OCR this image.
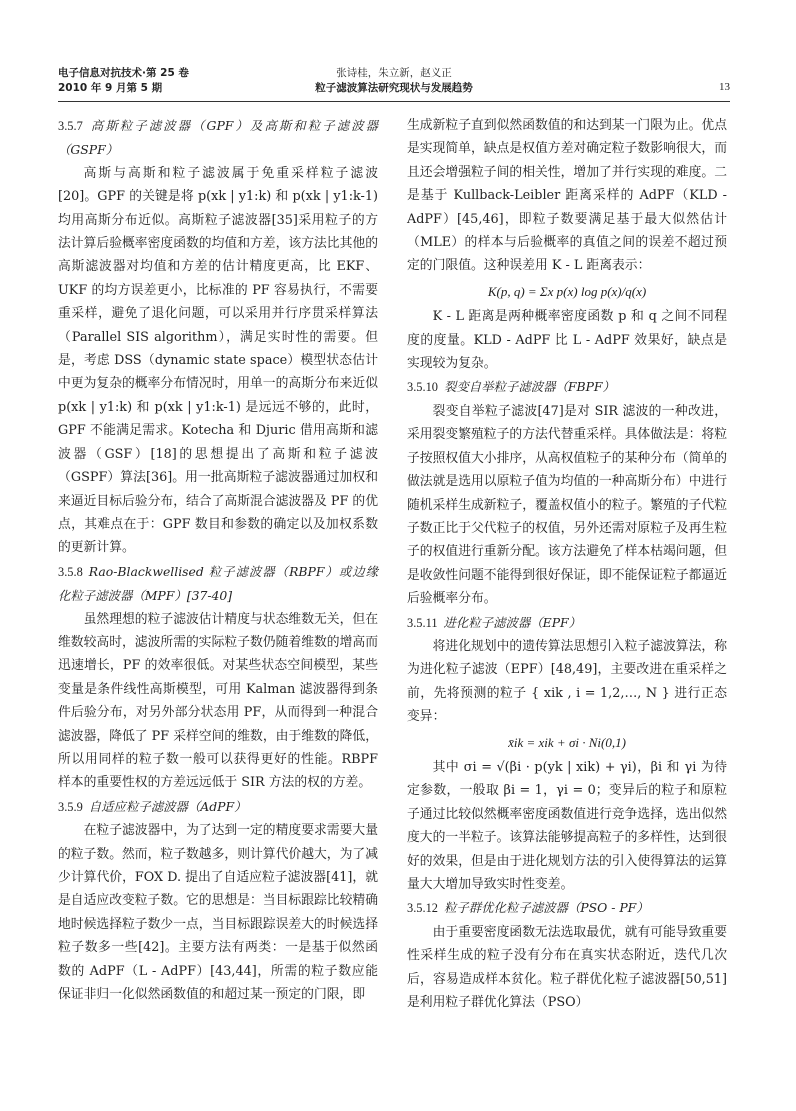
电子信息对抗技术·第 25 卷
2010 年 9 月第 5 期
张诗桂，朱立新，赵义正
粒子滤波算法研究现状与发展趋势	13
3.5.7 高斯粒子滤波器（GPF）及高斯和粒子滤波器（GSPF）

高斯与高斯和粒子滤波属于免重采样粒子滤波[20]。GPF 的关键是将 p(xk | y1:k) 和 p(xk | y1:k-1) 均用高斯分布近似。高斯粒子滤波器[35]采用粒子的方法计算后验概率密度函数的均值和方差，该方法比其他的高斯滤波器对均值和方差的估计精度更高，比 EKF、UKF 的均方误差更小，比标准的 PF 容易执行，不需要重采样，避免了退化问题，可以采用并行序贯采样算法（Parallel SIS algorithm），满足实时性的需要。但是，考虑 DSS（dynamic state space）模型状态估计中更为复杂的概率分布情况时，用单一的高斯分布来近似 p(xk | y1:k) 和 p(xk | y1:k-1) 是远远不够的，此时，GPF 不能满足需求。Kotecha 和 Djuric 借用高斯和滤波器（GSF）[18]的思想提出了高斯和粒子滤波（GSPF）算法[36]。用一批高斯粒子滤波器通过加权和来逼近目标后验分布，结合了高斯混合滤波器及 PF 的优点，其难点在于：GPF 数目和参数的确定以及加权系数的更新计算。

3.5.8 Rao-Blackwellised 粒子滤波器（RBPF）或边缘化粒子滤波器（MPF）[37-40]

虽然理想的粒子滤波估计精度与状态维数无关，但在维数较高时，滤波所需的实际粒子数仍随着维数的增高而迅速增长，PF 的效率很低。对某些状态空间模型，某些变量是条件线性高斯模型，可用 Kalman 滤波器得到条件后验分布，对另外部分状态用 PF，从而得到一种混合滤波器，降低了 PF 采样空间的维数，由于维数的降低，所以用同样的粒子数一般可以获得更好的性能。RBPF 样本的重要性权的方差远远低于 SIR 方法的权的方差。

3.5.9 自适应粒子滤波器（AdPF）

在粒子滤波器中，为了达到一定的精度要求需要大量的粒子数。然而，粒子数越多，则计算代价越大，为了减少计算代价，FOX D. 提出了自适应粒子滤波器[41]，就是自适应改变粒子数。它的思想是：当目标跟踪比较精确地时候选择粒子数少一点，当目标跟踪误差大的时候选择粒子数多一些[42]。主要方法有两类：一是基于似然函数的 AdPF（L - AdPF）[43,44]，所需的粒子数应能保证非归一化似然函数值的和超过某一预定的门限，即

生成新粒子直到似然函数值的和达到某一门限为止。优点是实现简单，缺点是权值方差对确定粒子数影响很大，而且还会增强粒子间的相关性，增加了并行实现的难度。二是基于 Kullback-Leibler 距离采样的 AdPF（KLD - AdPF）[45,46]，即粒子数要满足基于最大似然估计（MLE）的样本与后验概率的真值之间的误差不超过预定的门限值。这种误差用 K - L 距离表示：

K(p, q) = Σx p(x) log p(x)/q(x)

K - L 距离是两种概率密度函数 p 和 q 之间不同程度的度量。KLD - AdPF 比 L - AdPF 效果好，缺点是实现较为复杂。

3.5.10 裂变自举粒子滤波器（FBPF）

裂变自举粒子滤波[47]是对 SIR 滤波的一种改进，采用裂变繁殖粒子的方法代替重采样。具体做法是：将粒子按照权值大小排序，从高权值粒子的某种分布（简单的做法就是选用以原粒子值为均值的一种高斯分布）中进行随机采样生成新粒子，覆盖权值小的粒子。繁殖的子代粒子数正比于父代粒子的权值，另外还需对原粒子及再生粒子的权值进行重新分配。该方法避免了样本枯竭问题，但是收敛性问题不能得到很好保证，即不能保证粒子都逼近后验概率分布。

3.5.11 进化粒子滤波器（EPF）

将进化规划中的遗传算法思想引入粒子滤波算法，称为进化粒子滤波（EPF）[48,49]，主要改进在重采样之前，先将预测的粒子 { xik , i = 1,2,…, N } 进行正态变异：

x̄ik = xik + σi · Ni(0,1)

其中 σi = √(βi · p(yk | xik) + γi)，βi 和 γi 为待定参数，一般取 βi = 1，γi = 0；变异后的粒子和原粒子通过比较似然概率密度函数值进行竞争选择，选出似然度大的一半粒子。该算法能够提高粒子的多样性，达到很好的效果，但是由于进化规划方法的引入使得算法的运算量大大增加导致实时性变差。

3.5.12 粒子群优化粒子滤波器（PSO - PF）

由于重要密度函数无法选取最优，就有可能导致重要性采样生成的粒子没有分布在真实状态附近，迭代几次后，容易造成样本贫化。粒子群优化粒子滤波器[50,51]是利用粒子群优化算法（PSO）
